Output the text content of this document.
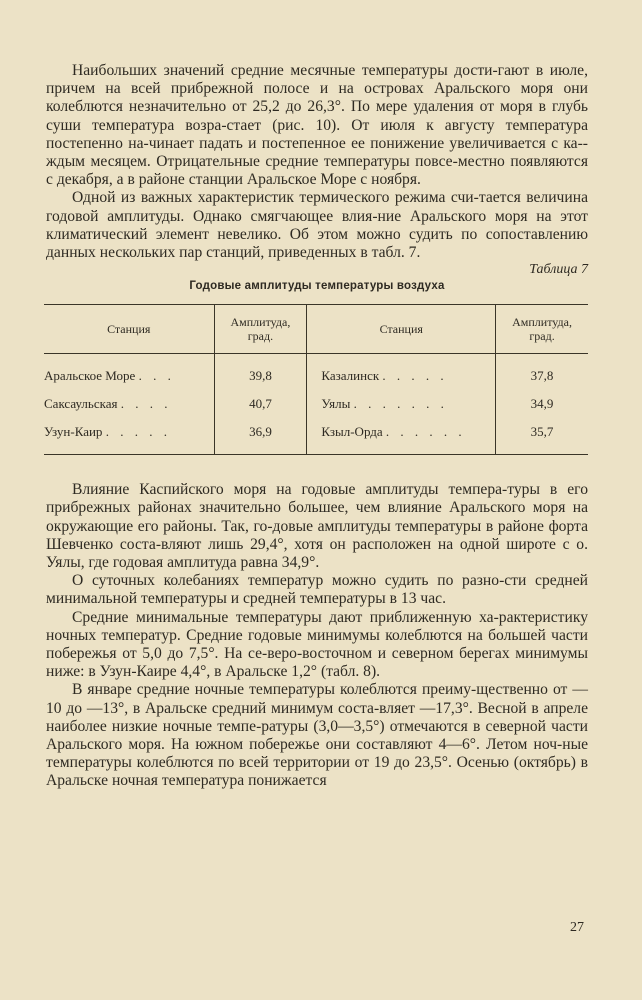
Наибольших значений средние месячные температуры дости-гают в июле, причем на всей прибрежной полосе и на островах Аральского моря они колеблются незначительно от 25,2 до 26,3°. По мере удаления от моря в глубь суши температура возра-стает (рис. 10). От июля к августу температура постепенно на-чинает падать и постепенное ее понижение увеличивается с ка-ждым месяцем. Отрицательные средние температуры повсе-местно появляются с декабря, а в районе станции Аральское Море с ноября.

Одной из важных характеристик термического режима счи-тается величина годовой амплитуды. Однако смягчающее влия-ние Аральского моря на этот климатический элемент невелико. Об этом можно судить по сопоставлению данных нескольких пар станций, приведенных в табл. 7.

Таблица 7

Годовые амплитуды температуры воздуха

Станция	Амплитуда, град.	Станция	Амплитуда, град.
Аральское Море . . .	39,8	Казалинск . . . . .	37,8
Саксаульская . . . .	40,7	Уялы . . . . . . .	34,9
Узун-Каир . . . . .	36,9	Кзыл-Орда . . . . . .	35,7

Влияние Каспийского моря на годовые амплитуды темпера-туры в его прибрежных районах значительно большее, чем влияние Аральского моря на окружающие его районы. Так, го-довые амплитуды температуры в районе форта Шевченко соста-вляют лишь 29,4°, хотя он расположен на одной широте с о. Уялы, где годовая амплитуда равна 34,9°.

О суточных колебаниях температур можно судить по разно-сти средней минимальной температуры и средней температуры в 13 час.

Средние минимальные температуры дают приближенную ха-рактеристику ночных температур. Средние годовые минимумы колеблются на большей части побережья от 5,0 до 7,5°. На се-веро-восточном и северном берегах минимумы ниже: в Узун-Каире 4,4°, в Аральске 1,2° (табл. 8).

В январе средние ночные температуры колеблются преиму-щественно от —10 до —13°, в Аральске средний минимум соста-вляет —17,3°. Весной в апреле наиболее низкие ночные темпе-ратуры (3,0—3,5°) отмечаются в северной части Аральского моря. На южном побережье они составляют 4—6°. Летом ноч-ные температуры колеблются по всей территории от 19 до 23,5°. Осенью (октябрь) в Аральске ночная температура понижается

27
